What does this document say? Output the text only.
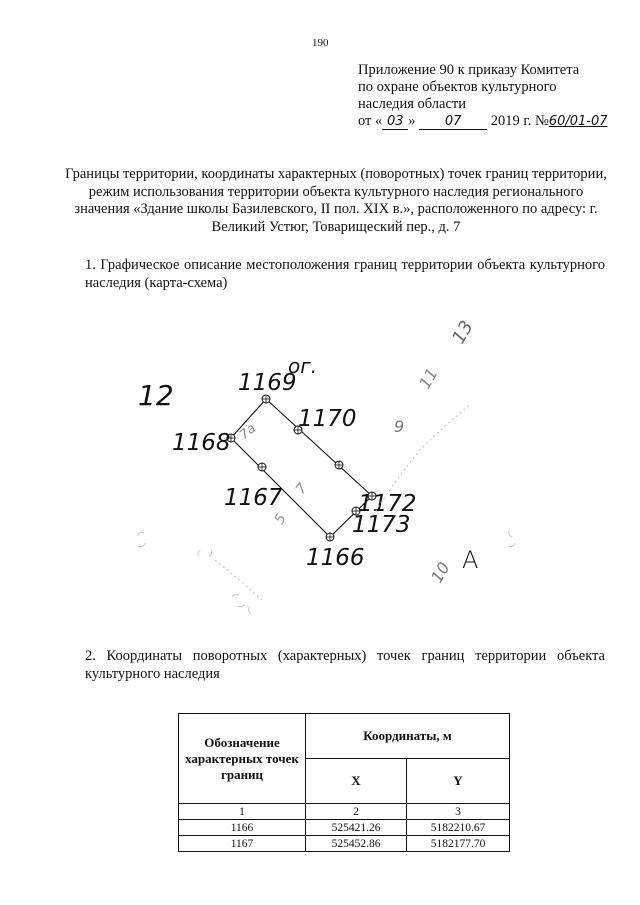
190
Приложение 90 к приказу Комитета
по охране объектов культурного
наследия области
от « 03 » 07 2019 г. №60/01-07
Границы территории, координаты характерных (поворотных) точек границ территории, режим использования территории объекта культурного наследия регионального значения «Здание школы Базилевского, II пол. XIX в.», расположенного по адресу: г. Великий Устюг, Товарищеский пер., д. 7
1. Графическое описание местоположения границ территории объекта культурного наследия (карта-схема)
ог.
12	1169
1168
1170
1167	1172
1173
1166
7а
7
9
5
11
13
10 А
◟ ◝
◜ ◞
◜ ◞ ◟
◟ ◜
2. Координаты поворотных (характерных) точек границ территории объекта культурного наследия
Обозначение характерных точек границ	Координаты, м	
	X	Y
1	2	3
1166	525421.26	5182210.67
1167	525452.86	5182177.70
